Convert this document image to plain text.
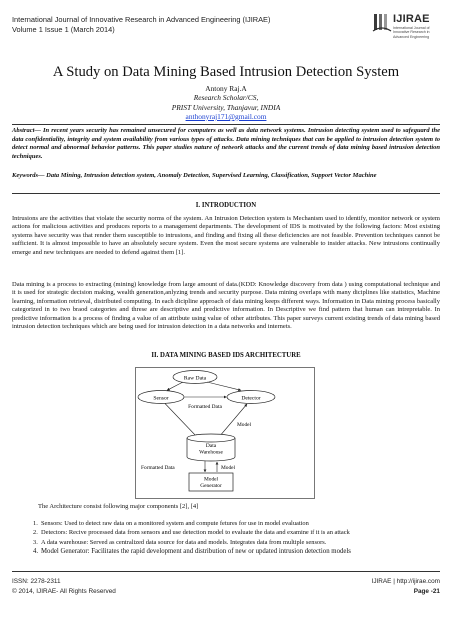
International Journal of Innovative Research in Advanced Engineering (IJIRAE)
Volume 1 Issue 1 (March 2014)
IJIRAE
International Journal of Innovative Research in Advanced Engineering
A Study on Data Mining Based Intrusion Detection System
Antony Raj.A
Research Scholar/CS,
PRIST University, Thanjavur, INDIA
anthonyraj171@gmail.com
Abstract— In recent years security has remained unsecured for computers as well as data network systems. Intrusion detecting system used to safeguard the data confidentiality, integrity and system availability from various types of attacks. Data mining techniques that can be applied to intrusion detection system to detect normal and abnormal behavior patterns. This paper studies nature of network attacks and the current trends of data mining based intrusion detection techniques.
Keywords— Data Mining, Intrusion detection system, Anomaly Detection, Supervised Learning, Classification, Support Vector Machine
I. INTRODUCTION
Intrusions are the activities that violate the security norms of the system. An Intrusion Detection system is Mechanism used to identify, monitor network or system actions for malicious activities and produces reports to a management departments. The development of IDS is motivated by the following factors: Most existing systems have security was that render them susceptible to intrusions, and finding and fixing all these deficiencies are not feasible. Prevention techniques cannot be sufficient. It is almost impossible to have an absolutely secure system. Even the most secure systems are vulnerable to insider attacks. New intrusions continually emerge and new techniques are needed to defend against them [1].
Data mining is a process to extracting (mining) knowledge from large amount of data.(KDD: Knowledge discovery from data ) using computational technique and it is used for strategic decision making, wealth generation,anlyzing trends and security purpose. Data mining overlaps with many diciplines like statistics, Machine learning, information retrieval, distributed computing. In each dicipline approach of data mining keeps different ways. Information in Data mining process basically categorized in to two braod categories and threse are descriptive and predictive information. In Descriptive we find pattern that human can intrepretable. In predictive information is a process of finding a value of an attribute using value of other attributes. This paper surveys current existing trends of data mining based intrusion detection techniques which are being used for intrusion detection in a data networks and internets.
II. DATA MINING BASED IDS ARCHITECTURE
Raw Data
Sensor	Detector
Formatted Data
Model
Data
Warehouse
Model
Generator
Formatted Data	Model
The Architecture consist following major components [2], [4]
1. Sensors: Used to detect raw data on a monitored system and compute fetures for use in model evaluation
2. Detectors: Recive processed data from sensors and use detection model to evaluate the data and examine if it is an attack
3. A data warehouse: Served as centralized data source for data and models. Integrates data from multiple sensors.
4. Model Generator: Facilitates the rapid development and distribution of new or updated intrusion detection models
ISSN: 2278-2311
© 2014, IJIRAE- All Rights Reserved
IJIRAE | http://ijirae.com
Page -21
